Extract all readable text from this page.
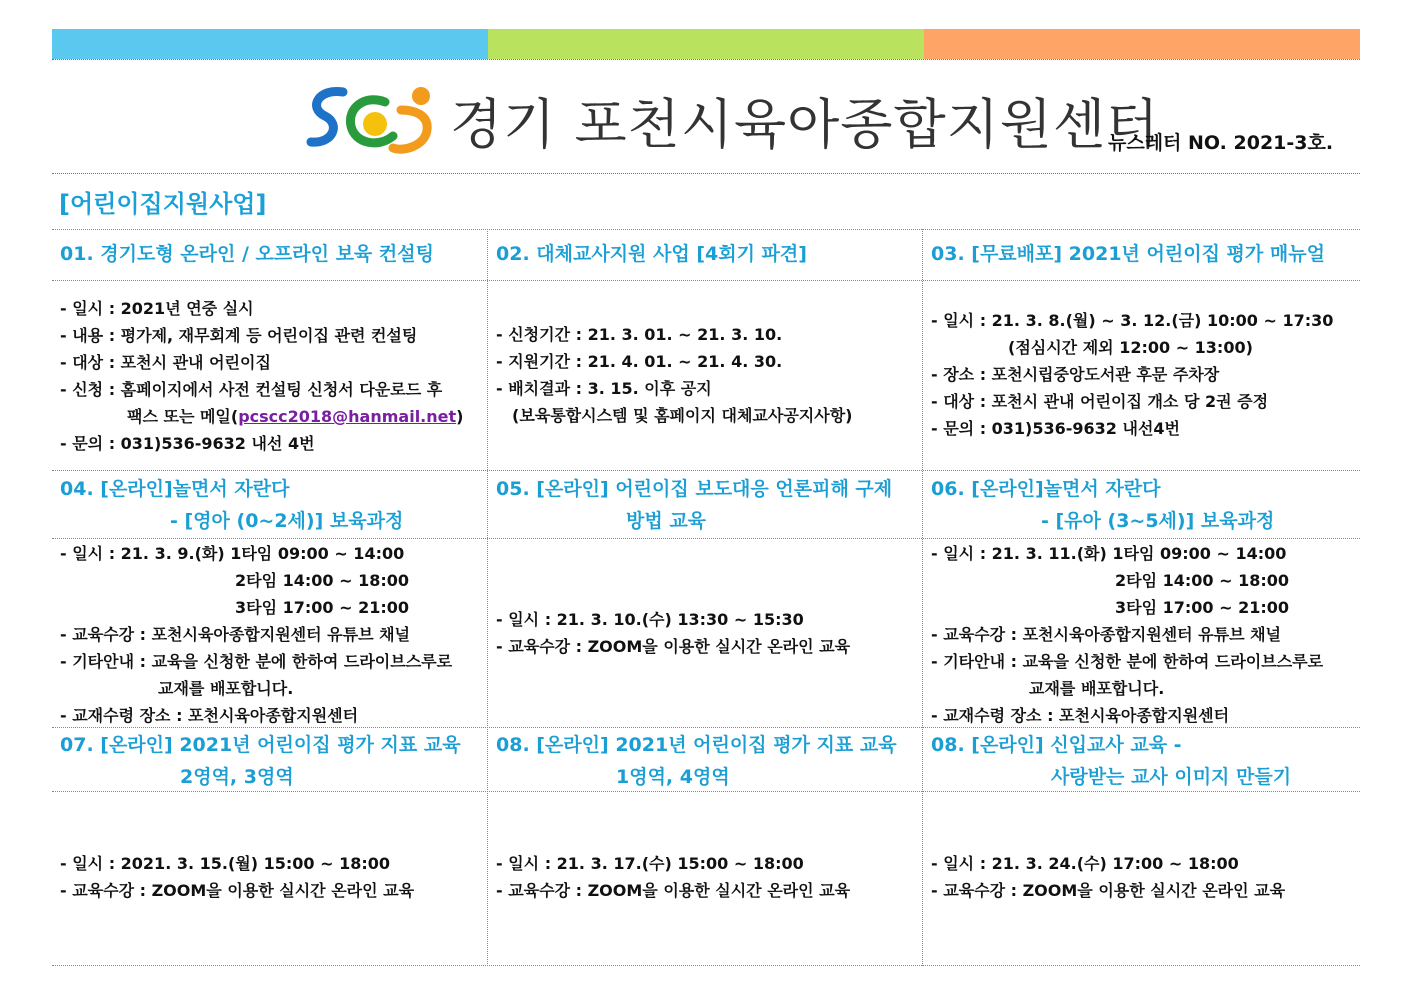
경기 포천시육아종합지원센터
뉴스레터 NO. 2021-3호.
[어린이집지원사업]
01. 경기도형 온라인 / 오프라인 보육 컨설팅
- 일시 : 2021년 연중 실시
- 내용 : 평가제, 재무회계 등 어린이집 관련 컨설팅
- 대상 : 포천시 관내 어린이집
- 신청 : 홈페이지에서 사전 컨설팅 신청서 다운로드 후
팩스 또는 메일(pcscc2018@hanmail.net)
- 문의 : 031)536-9632 내선 4번
02. 대체교사지원 사업 [4회기 파견]
- 신청기간 : 21. 3. 01. ~ 21. 3. 10.
- 지원기간 : 21. 4. 01. ~ 21. 4. 30.
- 배치결과 : 3. 15. 이후 공지
(보육통합시스템 및 홈페이지 대체교사공지사항)
03. [무료배포] 2021년 어린이집 평가 매뉴얼
- 일시 : 21. 3. 8.(월) ~ 3. 12.(금) 10:00 ~ 17:30
(점심시간 제외 12:00 ~ 13:00)
- 장소 : 포천시립중앙도서관 후문 주차장
- 대상 : 포천시 관내 어린이집 개소 당 2권 증정
- 문의 : 031)536-9632 내선4번
04. [온라인]놀면서 자란다
- [영아 (0~2세)] 보육과정
- 일시 : 21. 3. 9.(화) 1타임 09:00 ~ 14:00
2타임 14:00 ~ 18:00
3타임 17:00 ~ 21:00
- 교육수강 : 포천시육아종합지원센터 유튜브 채널
- 기타안내 : 교육을 신청한 분에 한하여 드라이브스루로
교재를 배포합니다.
- 교재수령 장소 : 포천시육아종합지원센터
05. [온라인] 어린이집 보도대응 언론피해 구제
방법 교육
- 일시 : 21. 3. 10.(수) 13:30 ~ 15:30
- 교육수강 : ZOOM을 이용한 실시간 온라인 교육
06. [온라인]놀면서 자란다
- [유아 (3~5세)] 보육과정
- 일시 : 21. 3. 11.(화) 1타임 09:00 ~ 14:00
2타임 14:00 ~ 18:00
3타임 17:00 ~ 21:00
- 교육수강 : 포천시육아종합지원센터 유튜브 채널
- 기타안내 : 교육을 신청한 분에 한하여 드라이브스루로
교재를 배포합니다.
- 교재수령 장소 : 포천시육아종합지원센터
07. [온라인] 2021년 어린이집 평가 지표 교육
2영역, 3영역
- 일시 : 2021. 3. 15.(월) 15:00 ~ 18:00
- 교육수강 : ZOOM을 이용한 실시간 온라인 교육
08. [온라인] 2021년 어린이집 평가 지표 교육
1영역, 4영역
- 일시 : 21. 3. 17.(수) 15:00 ~ 18:00
- 교육수강 : ZOOM을 이용한 실시간 온라인 교육
08. [온라인] 신입교사 교육 -
사랑받는 교사 이미지 만들기
- 일시 : 21. 3. 24.(수) 17:00 ~ 18:00
- 교육수강 : ZOOM을 이용한 실시간 온라인 교육
